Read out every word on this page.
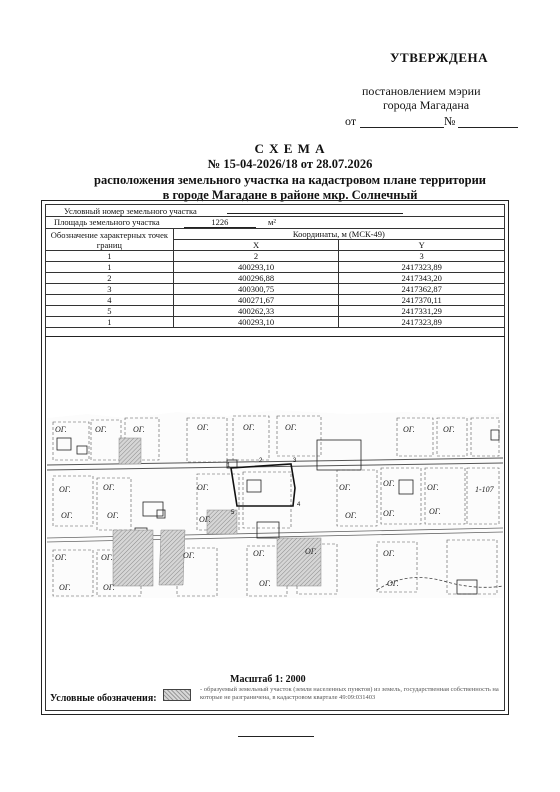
УТВЕРЖДЕНА
постановлением мэрии
города Магадана
от	№
С Х Е М А
№ 15-04-2026/18 от 28.07.2026
расположения земельного участка на кадастровом плане территории
в городе Магадане в районе мкр. Солнечный
Условный номер земельного участка		
Площадь земельного участка 1226 м²		
Обозначение характерных точек границ	Координаты, м (МСК-49)	
	X	Y
1	2	3
1	400293,10	2417323,89
2	400296,88	2417343,20
3	400300,75	2417362,87
4	400271,67	2417370,11
5	400262,33	2417331,29
1	400293,10	2417323,89
ОГ.	ОГ.	ОГ.	ОГ.	ОГ.	ОГ.	ОГ.	ОГ.
ОГ.	ОГ.
ОГ.	ОГ.
ОГ.
ОГ.
ОГ.	ОГ.	ОГ.
ОГ.	ОГ.	ОГ.
ОГ.	ОГ.	ОГ.	ОГ.	ОГ.	ОГ.
ОГ.	ОГ.	ОГ.	ОГ.
1-107
1
2	3
4
5
Масштаб 1: 2000
Условные обозначения:
- образуемый земельный участок (земли населенных пунктов) из земель, государственная собственность на которые не разграничена, в кадастровом квартале 49:09:031403
